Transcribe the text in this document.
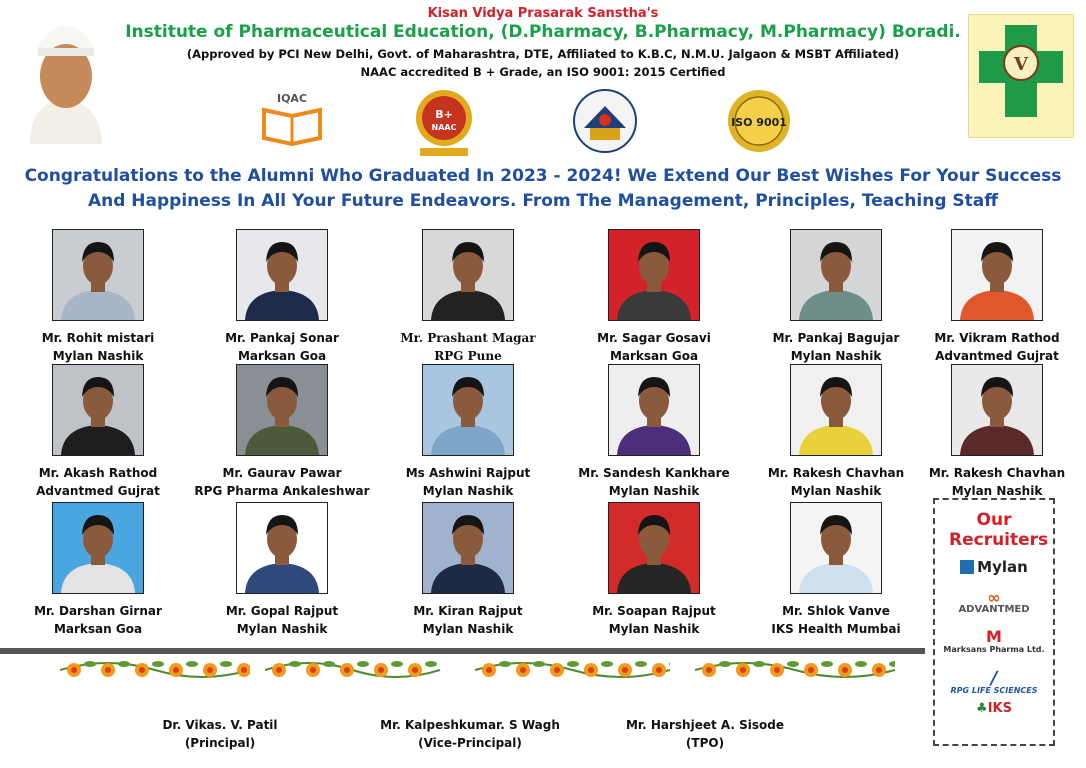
Kisan Vidya Prasarak Sanstha's
Institute of Pharmaceutical Education, (D.Pharmacy, B.Pharmacy, M.Pharmacy) Boradi.
(Approved by PCI New Delhi, Govt. of Maharashtra, DTE, Affiliated to K.B.C, N.M.U. Jalgaon & MSBT Affiliated)
NAAC accredited B + Grade, an ISO 9001: 2015 Certified	V
IQAC
B+
NAAC	ISO 9001
Congratulations to the Alumni Who Graduated In 2023 - 2024! We Extend Our Best Wishes For Your Success And Happiness In All Your Future Endeavors. From The Management, Principles, Teaching Staff
Mr. Rohit mistari
Mylan Nashik
Mr. Pankaj Sonar
Marksan Goa
Mr. Prashant Magar
RPG Pune
Mr. Sagar Gosavi
Marksan Goa
Mr. Pankaj Bagujar
Mylan Nashik
Mr. Vikram Rathod
Advantmed Gujrat
Mr. Akash Rathod
Advantmed Gujrat
Mr. Gaurav Pawar
RPG Pharma Ankaleshwar
Ms Ashwini Rajput
Mylan Nashik
Mr. Sandesh Kankhare
Mylan Nashik
Mr. Rakesh Chavhan
Mylan Nashik
Mr. Rakesh Chavhan
Mylan Nashik
Mr. Darshan Girnar
Marksan Goa
Mr. Gopal Rajput
Mylan Nashik
Mr. Kiran Rajput
Mylan Nashik
Mr. Soapan Rajput
Mylan Nashik
Mr. Shlok Vanve
IKS Health Mumbai
Our Recruiters
Mylan
∞
ADVANTMED
M
Marksans Pharma Ltd.
∕
RPG LIFE SCIENCES
♣IKS
Dr. Vikas. V. Patil
(Principal)
Mr. Kalpeshkumar. S Wagh
(Vice-Principal)
Mr. Harshjeet A. Sisode
(TPO)
